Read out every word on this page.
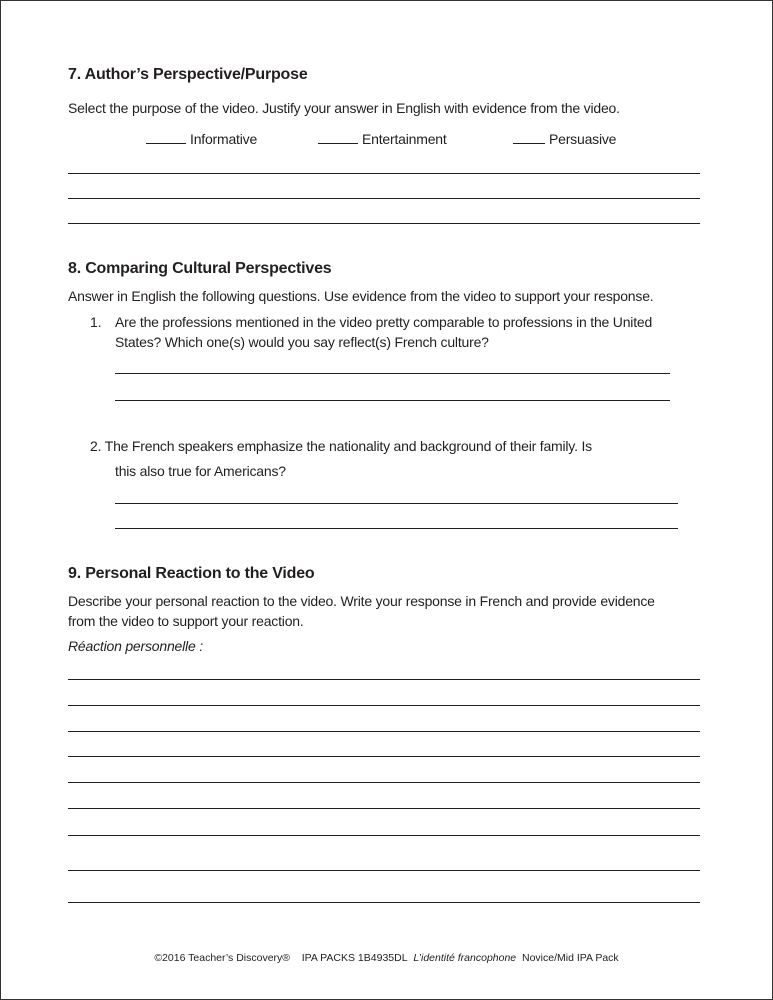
7. Author’s Perspective/Purpose
Select the purpose of the video. Justify your answer in English with evidence from the video.
Informative	Entertainment	Persuasive
8. Comparing Cultural Perspectives
Answer in English the following questions. Use evidence from the video to support your response.
1. Are the professions mentioned in the video pretty comparable to professions in the United
States? Which one(s) would you say reflect(s) French culture?
2. The French speakers emphasize the nationality and background of their family. Is
this also true for Americans?
9. Personal Reaction to the Video
Describe your personal reaction to the video. Write your response in French and provide evidence
from the video to support your reaction.
Réaction personnelle :
©2016 Teacher’s Discovery® IPA PACKS 1B4935DL L’identité francophone Novice/Mid IPA Pack
